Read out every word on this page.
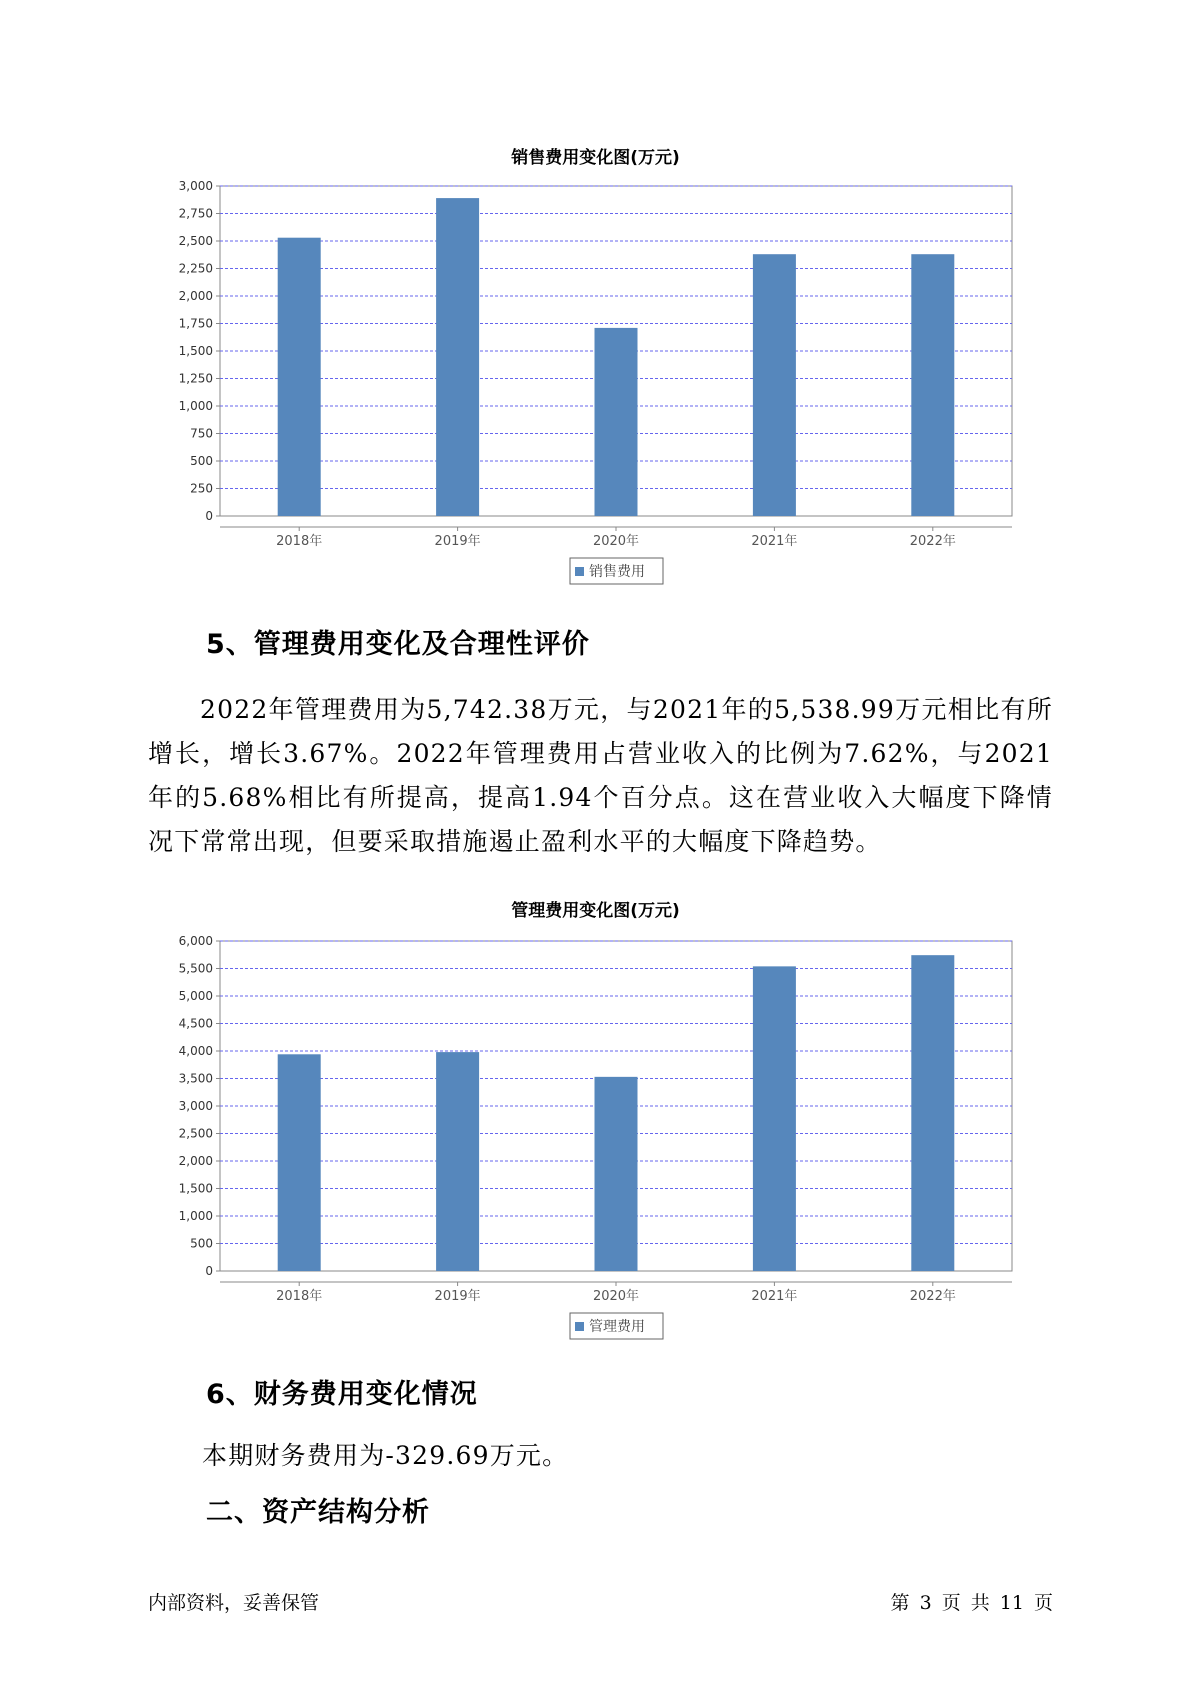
销售费用变化图(万元)
0
250
500
750
1,000
1,250
1,500
1,750
2,000
2,250
2,500
2,750
3,000
2018年	2019年	2020年	2021年	2022年
销售费用
5、管理费用变化及合理性评价
2022年管理费用为5,742.38万元，与2021年的5,538.99万元相比有所增长，增长3.67%。2022年管理费用占营业收入的比例为7.62%，与2021年的5.68%相比有所提高，提高1.94个百分点。这在营业收入大幅度下降情况下常常出现，但要采取措施遏止盈利水平的大幅度下降趋势。
管理费用变化图(万元)
0
500
1,000
1,500
2,000
2,500
3,000
3,500
4,000
4,500
5,000
5,500
6,000
2018年	2019年	2020年	2021年	2022年
管理费用
6、财务费用变化情况
本期财务费用为-329.69万元。
二、资产结构分析
内部资料，妥善保管	第 3 页 共 11 页
